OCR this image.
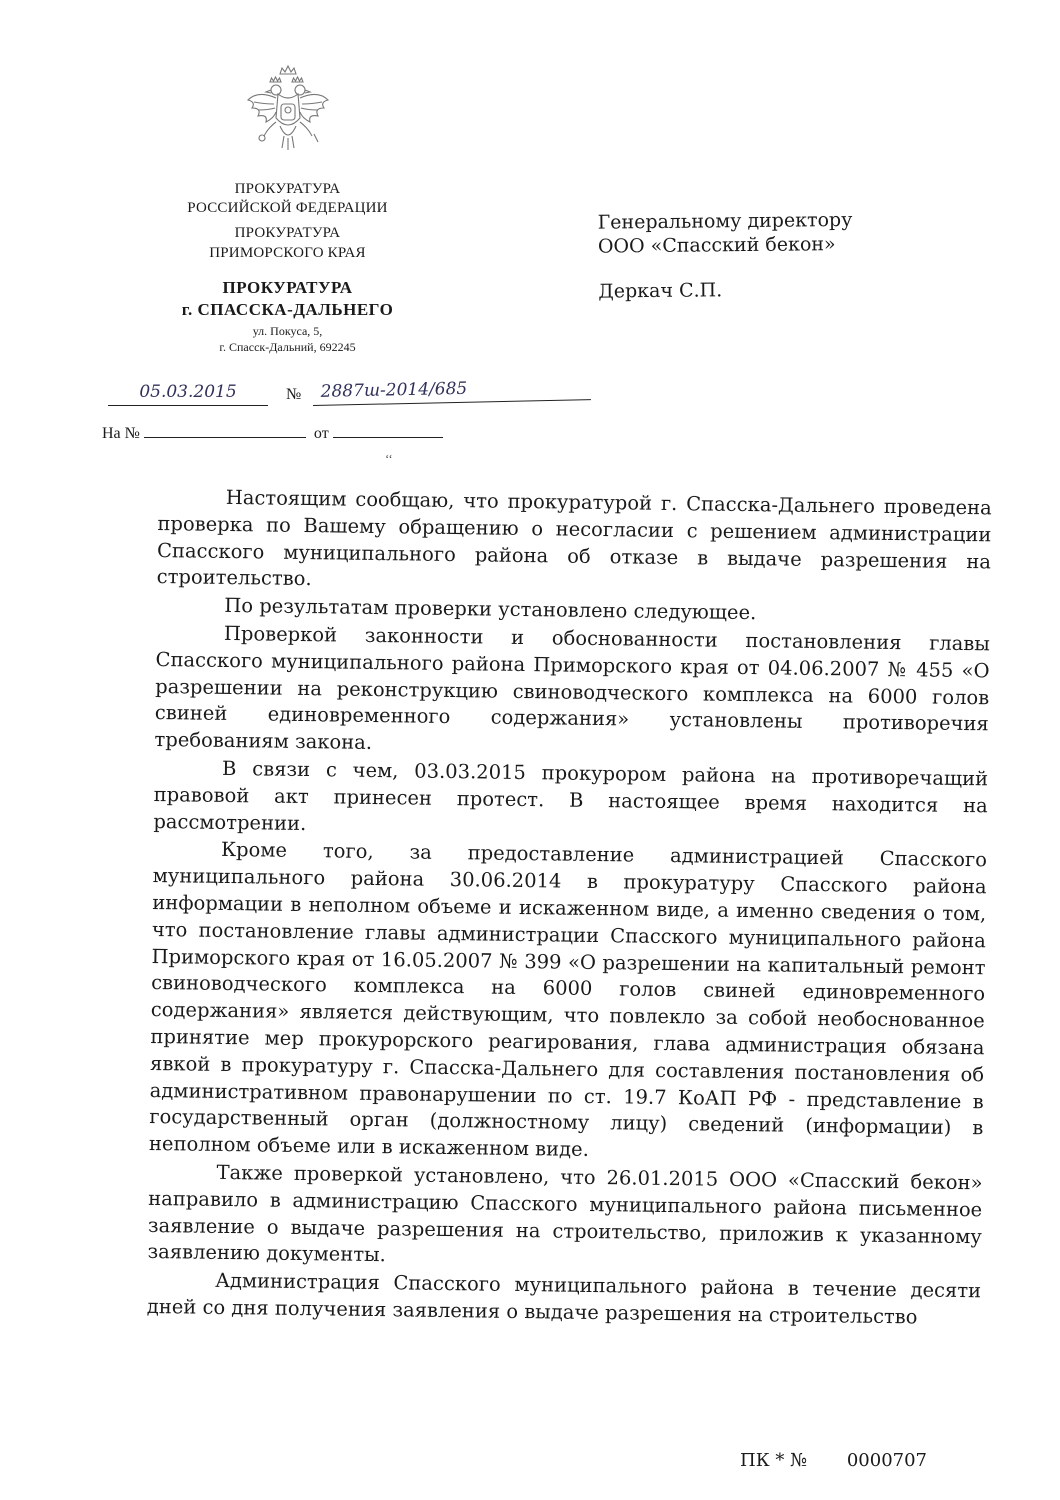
ПРОКУРАТУРА
РОССИЙСКОЙ ФЕДЕРАЦИИ
ПРОКУРАТУРА
ПРИМОРСКОГО КРАЯ
ПРОКУРАТУРА
г. СПАССКА-ДАЛЬНЕГО
ул. Покуса, 5,
г. Спасск-Дальний, 692245
05.03.2015	№	2887ш-2014/685
На №	от
‘‘
Генеральному директору
ООО «Спасский бекон»
Деркач С.П.

Настоящим сообщаю, что прокуратурой г. Спасска-Дальнего проведена проверка по Вашему обращению о несогласии с решением администрации Спасского муниципального района об отказе в выдаче разрешения на строительство.

По результатам проверки установлено следующее.

Проверкой законности и обоснованности постановления главы Спасского муниципального района Приморского края от 04.06.2007 № 455 «О разрешении на реконструкцию свиноводческого комплекса на 6000 голов свиней единовременного содержания» установлены противоречия требованиям закона.

В связи с чем, 03.03.2015 прокурором района на противоречащий правовой акт принесен протест. В настоящее время находится на рассмотрении.

Кроме того, за предоставление администрацией Спасского муниципального района 30.06.2014 в прокуратуру Спасского района информации в неполном объеме и искаженном виде, а именно сведения о том, что постановление главы администрации Спасского муниципального района Приморского края от 16.05.2007 № 399 «О разрешении на капитальный ремонт свиноводческого комплекса на 6000 голов свиней единовременного содержания» является действующим, что повлекло за собой необоснованное принятие мер прокурорского реагирования, глава администрация обязана явкой в прокуратуру г. Спасска-Дальнего для составления постановления об административном правонарушении по ст. 19.7 КоАП РФ - представление в государственный орган (должностному лицу) сведений (информации) в неполном объеме или в искаженном виде.

Также проверкой установлено, что 26.01.2015 ООО «Спасский бекон» направило в администрацию Спасского муниципального района письменное заявление о выдаче разрешения на строительство, приложив к указанному заявлению документы.

Администрация Спасского муниципального района в течение десяти дней со дня получения заявления о выдаче разрешения на строительство

ПК * № 0000707
